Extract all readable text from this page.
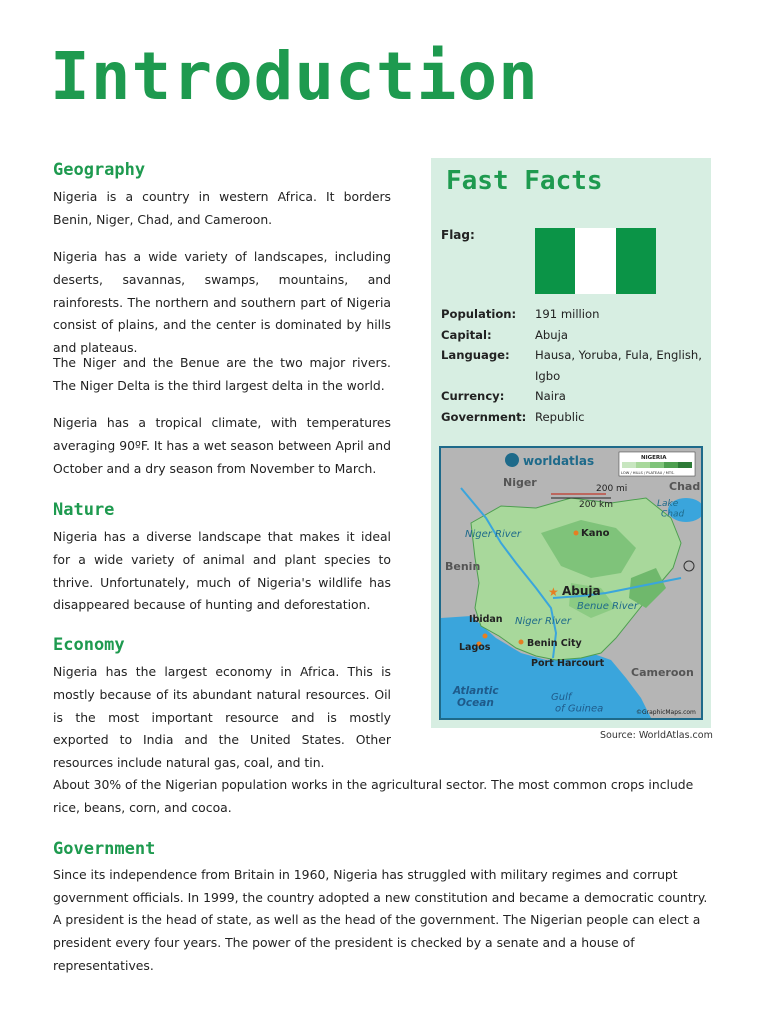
Introduction
Geography

Nigeria is a country in western Africa. It borders Benin, Niger, Chad, and Cameroon.

Nigeria has a wide variety of landscapes, including deserts, savannas, swamps, mountains, and rainforests. The northern and southern part of Nigeria consist of plains, and the center is dominated by hills and plateaus.

The Niger and the Benue are the two major rivers. The Niger Delta is the third largest delta in the world.

Nigeria has a tropical climate, with temperatures averaging 90ºF. It has a wet season between April and October and a dry season from November to March.

Nature

Nigeria has a diverse landscape that makes it ideal for a wide variety of animal and plant species to thrive. Unfortunately, much of Nigeria's wildlife has disappeared because of hunting and deforestation.

Economy

Nigeria has the largest economy in Africa. This is mostly because of its abundant natural resources. Oil is the most important resource and is mostly exported to India and the United States. Other resources include natural gas, coal, and tin.

About 30% of the Nigerian population works in the agricultural sector. The most common crops include rice, beans, corn, and cocoa.

Government

Since its independence from Britain in 1960, Nigeria has struggled with military regimes and corrupt government officials. In 1999, the country adopted a new constitution and became a democratic country.

A president is the head of state, as well as the head of the government. The Nigerian people can elect a president every four years. The power of the president is checked by a senate and a house of representatives.

Fast Facts
Flag:
Population:	191 million
Capital:	Abuja
Language:	Hausa, Yoruba, Fula, English, Igbo
Currency:	Naira
Government: Republic
worldatlas	NIGERIA
LOW / HILLS / PLATEAU / MTS.
200 mi
200 km
Niger	Chad
Lake Chad
Benin
Cameroon
Niger River
Niger River
Benue River
Kano
★ Abuja
Ibidan
Lagos	Benin City
Port Harcourt
Atlantic Ocean	Gulf of Guinea	©GraphicMaps.com
Source: WorldAtlas.com
